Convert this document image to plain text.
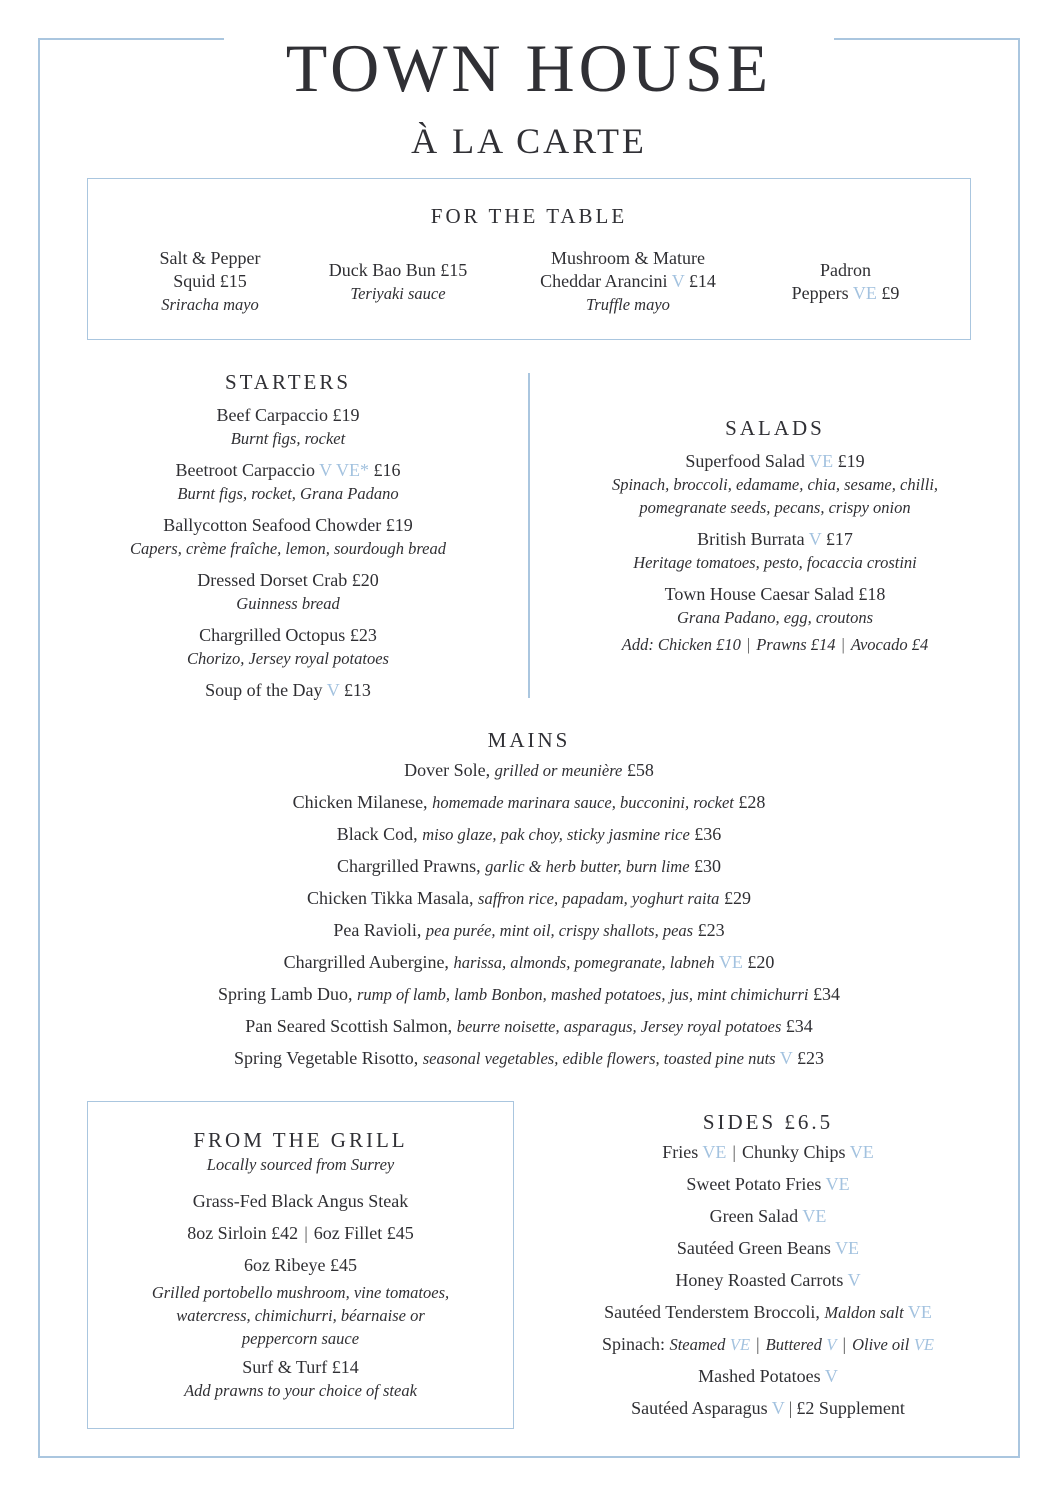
TOWN HOUSE
À LA CARTE
FOR THE TABLE
Salt & Pepper
Squid £15
Sriracha mayo
Duck Bao Bun £15
Teriyaki sauce
Mushroom & Mature
Cheddar Arancini V £14
Truffle mayo
Padron
Peppers VE £9
STARTERS
Beef Carpaccio £19
Burnt figs, rocket
Beetroot Carpaccio V VE* £16
Burnt figs, rocket, Grana Padano
Ballycotton Seafood Chowder £19
Capers, crème fraîche, lemon, sourdough bread
Dressed Dorset Crab £20
Guinness bread
Chargrilled Octopus £23
Chorizo, Jersey royal potatoes
Soup of the Day V £13
SALADS
Superfood Salad VE £19
Spinach, broccoli, edamame, chia, sesame, chilli,
pomegranate seeds, pecans, crispy onion
British Burrata V £17
Heritage tomatoes, pesto, focaccia crostini
Town House Caesar Salad £18
Grana Padano, egg, croutons
Add: Chicken £10 | Prawns £14 | Avocado £4
MAINS
Dover Sole, grilled or meunière £58
Chicken Milanese, homemade marinara sauce, bucconini, rocket £28
Black Cod, miso glaze, pak choy, sticky jasmine rice £36
Chargrilled Prawns, garlic & herb butter, burn lime £30
Chicken Tikka Masala, saffron rice, papadam, yoghurt raita £29
Pea Ravioli, pea purée, mint oil, crispy shallots, peas £23
Chargrilled Aubergine, harissa, almonds, pomegranate, labneh VE £20
Spring Lamb Duo, rump of lamb, lamb Bonbon, mashed potatoes, jus, mint chimichurri £34
Pan Seared Scottish Salmon, beurre noisette, asparagus, Jersey royal potatoes £34
Spring Vegetable Risotto, seasonal vegetables, edible flowers, toasted pine nuts V £23
FROM THE GRILL
Locally sourced from Surrey
Grass-Fed Black Angus Steak
8oz Sirloin £42 | 6oz Fillet £45
6oz Ribeye £45
Grilled portobello mushroom, vine tomatoes,
watercress, chimichurri, béarnaise or
peppercorn sauce
Surf & Turf £14
Add prawns to your choice of steak
SIDES £6.5
Fries VE | Chunky Chips VE
Sweet Potato Fries VE
Green Salad VE
Sautéed Green Beans VE
Honey Roasted Carrots V
Sautéed Tenderstem Broccoli, Maldon salt VE
Spinach: Steamed VE | Buttered V | Olive oil VE
Mashed Potatoes V
Sautéed Asparagus V | £2 Supplement
